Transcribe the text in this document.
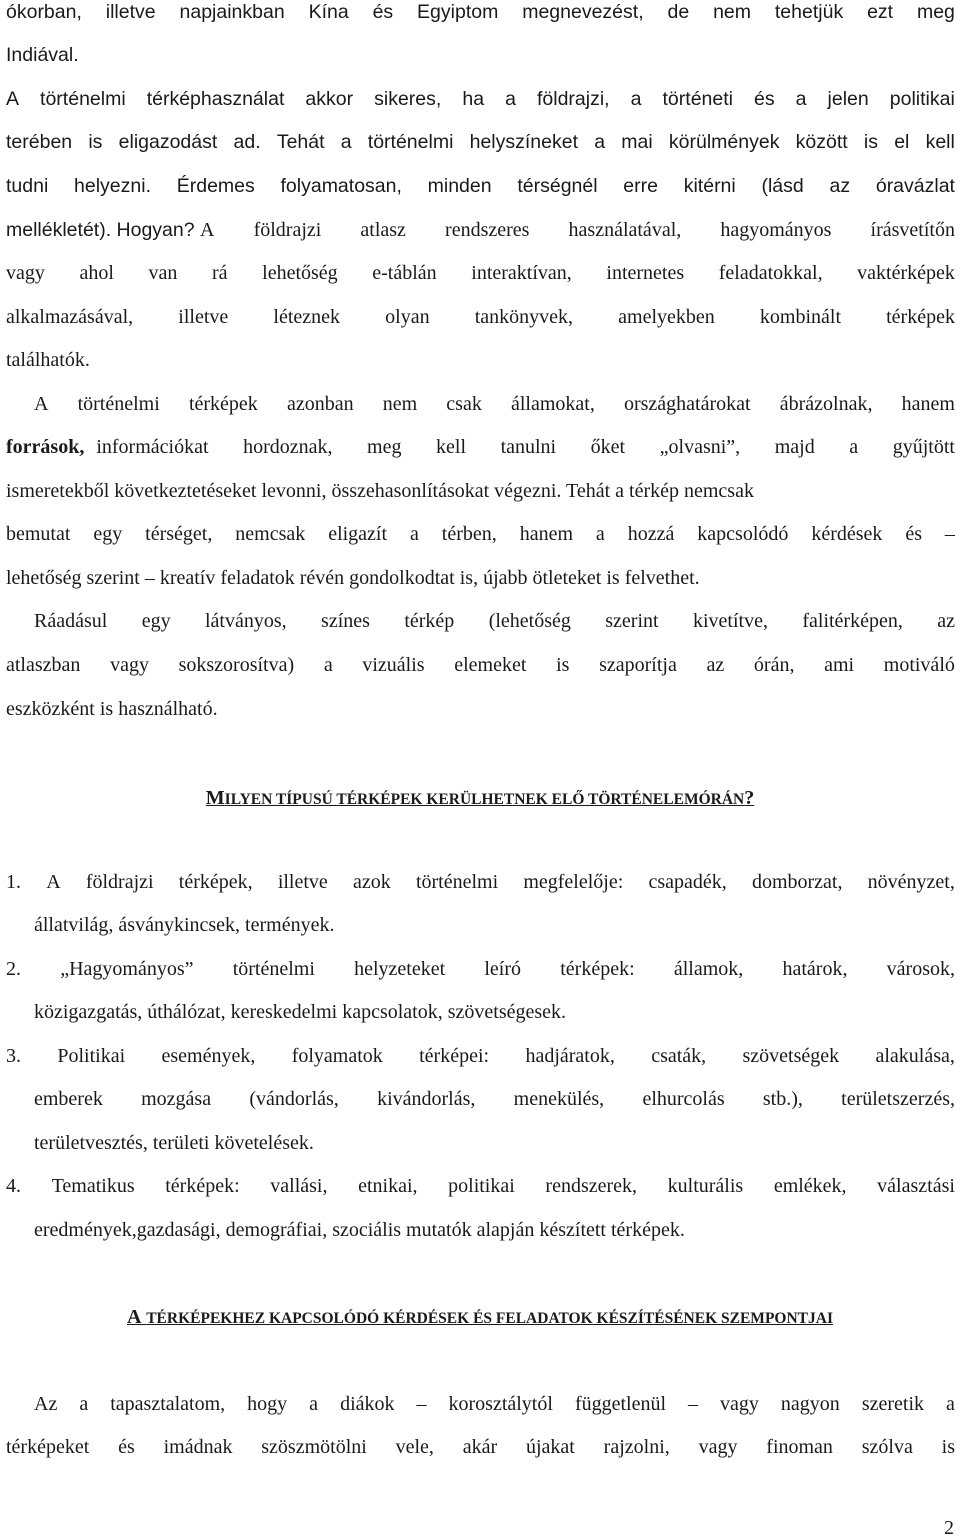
ókorban, illetve napjainkban Kína és Egyiptom megnevezést, de nem tehetjük ezt meg
Indiával.
A történelmi térképhasználat akkor sikeres, ha a földrajzi, a történeti és a jelen politikai
terében is eligazodást ad. Tehát a történelmi helyszíneket a mai körülmények között is el kell
tudni helyezni. Érdemes folyamatosan, minden térségnél erre kitérni (lásd az óravázlat
mellékletét). Hogyan? A földrajzi atlasz rendszeres használatával, hagyományos írásvetítőn
vagy ahol van rá lehetőség e-táblán interaktívan, internetes feladatokkal, vaktérképek
alkalmazásával, illetve léteznek olyan tankönyvek, amelyekben kombinált térképek
találhatók.
A történelmi térképek azonban nem csak államokat, országhatárokat ábrázolnak, hanem
források, információkat hordoznak, meg kell tanulni őket „olvasni”, majd a gyűjtött
ismeretekből következtetéseket levonni, összehasonlításokat végezni. Tehát a térkép nemcsak
bemutat egy térséget, nemcsak eligazít a térben, hanem a hozzá kapcsolódó kérdések és –
lehetőség szerint – kreatív feladatok révén gondolkodtat is, újabb ötleteket is felvethet.
Ráadásul egy látványos, színes térkép (lehetőség szerint kivetítve, falitérképen, az
atlaszban vagy sokszorosítva) a vizuális elemeket is szaporítja az órán, ami motiváló
eszközként is használható.
MILYEN TÍPUSÚ TÉRKÉPEK KERÜLHETNEK ELŐ TÖRTÉNELEMÓRÁN?
1. A földrajzi térképek, illetve azok történelmi megfelelője: csapadék, domborzat, növényzet,
állatvilág, ásványkincsek, termények.
2. „Hagyományos” történelmi helyzeteket leíró térképek: államok, határok, városok,
közigazgatás, úthálózat, kereskedelmi kapcsolatok, szövetségesek.
3. Politikai események, folyamatok térképei: hadjáratok, csaták, szövetségek alakulása,
emberek mozgása (vándorlás, kivándorlás, menekülés, elhurcolás stb.), területszerzés,
területvesztés, területi követelések.
4. Tematikus térképek: vallási, etnikai, politikai rendszerek, kulturális emlékek, választási
eredmények,gazdasági, demográfiai, szociális mutatók alapján készített térképek.
A TÉRKÉPEKHEZ KAPCSOLÓDÓ KÉRDÉSEK ÉS FELADATOK KÉSZÍTÉSÉNEK SZEMPONTJAI
Az a tapasztalatom, hogy a diákok – korosztálytól függetlenül – vagy nagyon szeretik a
térképeket és imádnak szöszmötölni vele, akár újakat rajzolni, vagy finoman szólva is
2
